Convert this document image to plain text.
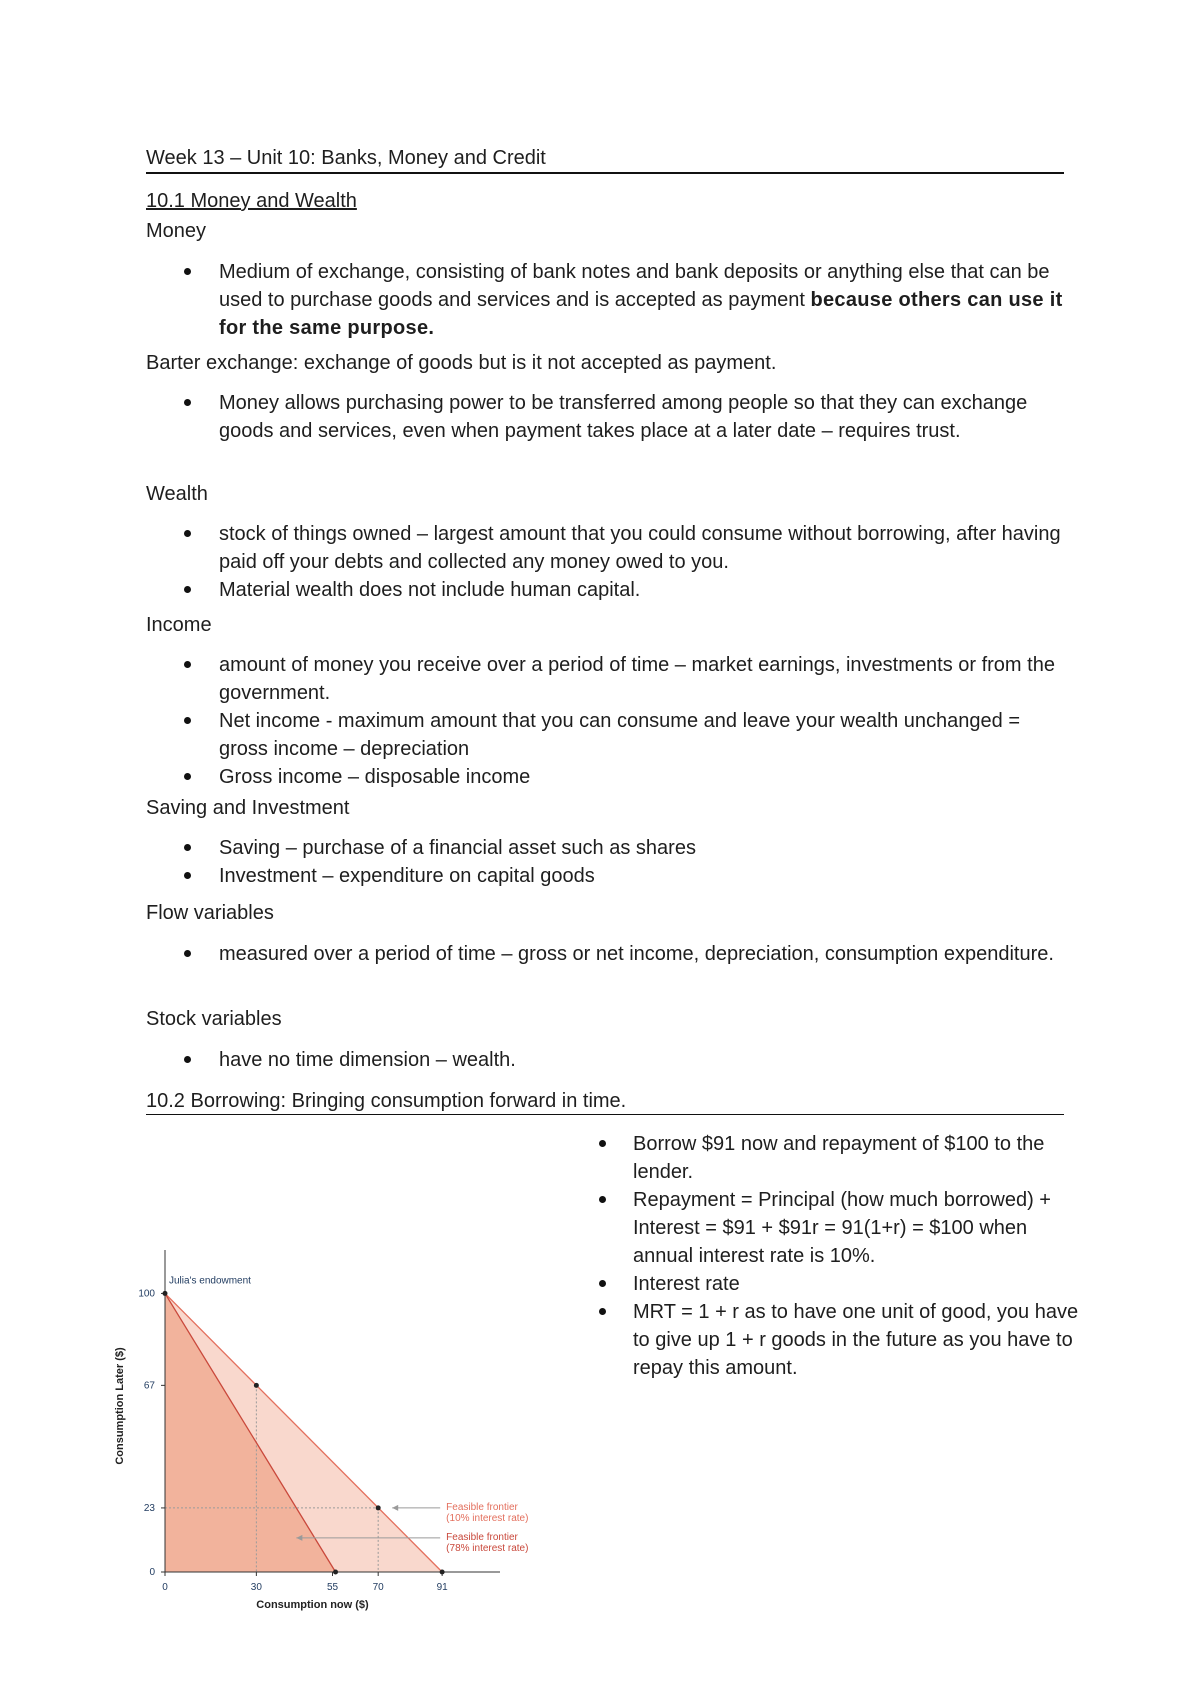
Week 13 – Unit 10: Banks, Money and Credit
10.1 Money and Wealth
Money
Medium of exchange, consisting of bank notes and bank deposits or anything else that can be used to purchase goods and services and is accepted as payment because others can use it for the same purpose.
Barter exchange: exchange of goods but is it not accepted as payment.
Money allows purchasing power to be transferred among people so that they can exchange goods and services, even when payment takes place at a later date – requires trust.
Wealth
stock of things owned – largest amount that you could consume without borrowing, after having paid off your debts and collected any money owed to you.
Material wealth does not include human capital.
Income
amount of money you receive over a period of time – market earnings, investments or from the government.
Net income - maximum amount that you can consume and leave your wealth unchanged = gross income – depreciation
Gross income – disposable income
Saving and Investment
Saving – purchase of a financial asset such as shares
Investment – expenditure on capital goods
Flow variables
measured over a period of time – gross or net income, depreciation, consumption expenditure.
Stock variables
have no time dimension – wealth.
10.2 Borrowing: Bringing consumption forward in time.
Borrow $91 now and repayment of $100 to the lender.
Repayment = Principal (how much borrowed) + Interest = $91 + $91r = 91(1+r) = $100 when annual interest rate is 10%.
Interest rate
MRT = 1 + r as to have one unit of good, you have to give up 1 + r goods in the future as you have to repay this amount.
0	30	55	70	91
0
23
67
100
Julia's endowment
Feasible frontier
(10% interest rate)
Feasible frontier
(78% interest rate)
Consumption now ($)
Consumption Later ($)
